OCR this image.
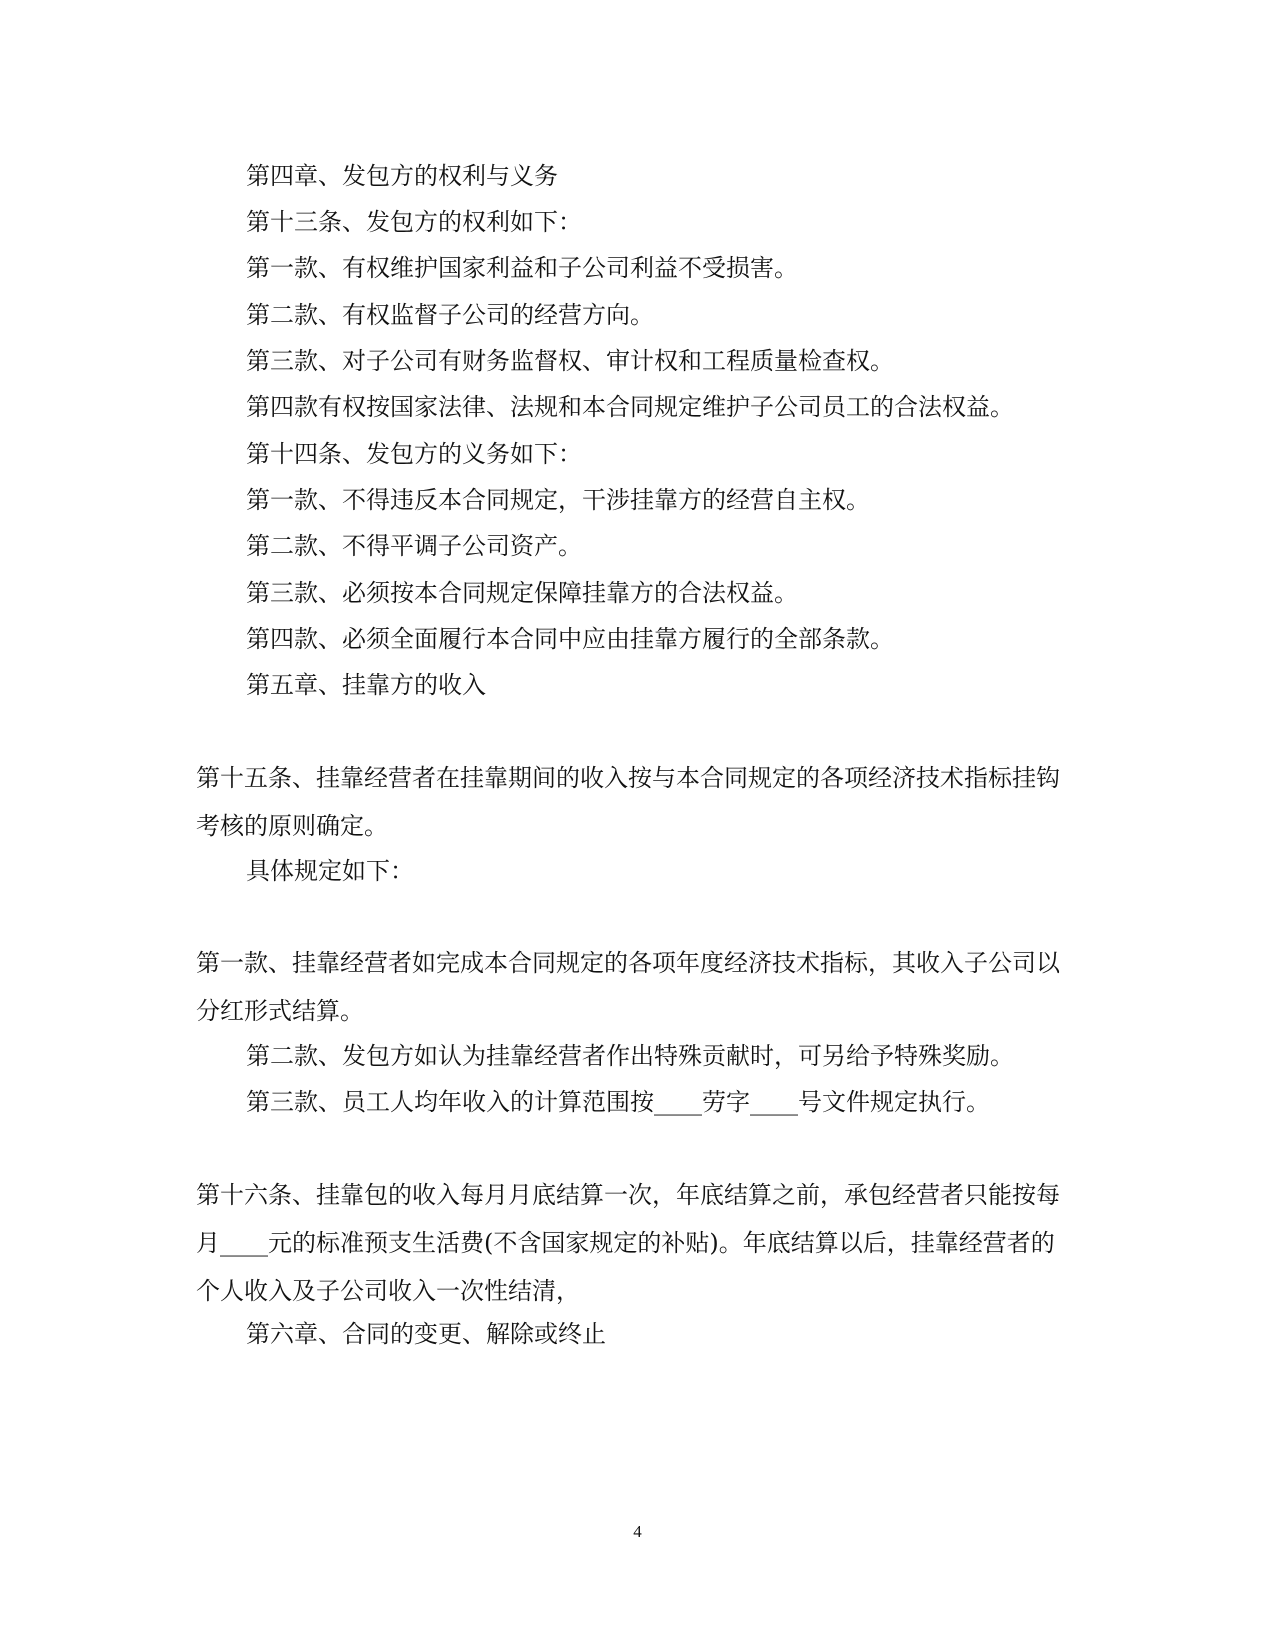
第四章、发包方的权利与义务
第十三条、发包方的权利如下：
第一款、有权维护国家利益和子公司利益不受损害。
第二款、有权监督子公司的经营方向。
第三款、对子公司有财务监督权、审计权和工程质量检查权。
第四款有权按国家法律、法规和本合同规定维护子公司员工的合法权益。
第十四条、发包方的义务如下：
第一款、不得违反本合同规定，干涉挂靠方的经营自主权。
第二款、不得平调子公司资产。
第三款、必须按本合同规定保障挂靠方的合法权益。
第四款、必须全面履行本合同中应由挂靠方履行的全部条款。
第五章、挂靠方的收入
第十五条、挂靠经营者在挂靠期间的收入按与本合同规定的各项经济技术指标挂钩考核的原则确定。
具体规定如下：
第一款、挂靠经营者如完成本合同规定的各项年度经济技术指标，其收入子公司以分红形式结算。
第二款、发包方如认为挂靠经营者作出特殊贡献时，可另给予特殊奖励。
第三款、员工人均年收入的计算范围按____劳字____号文件规定执行。
第十六条、挂靠包的收入每月月底结算一次，年底结算之前，承包经营者只能按每月____元的标准预支生活费(不含国家规定的补贴)。年底结算以后，挂靠经营者的个人收入及子公司收入一次性结清，
第六章、合同的变更、解除或终止
4
